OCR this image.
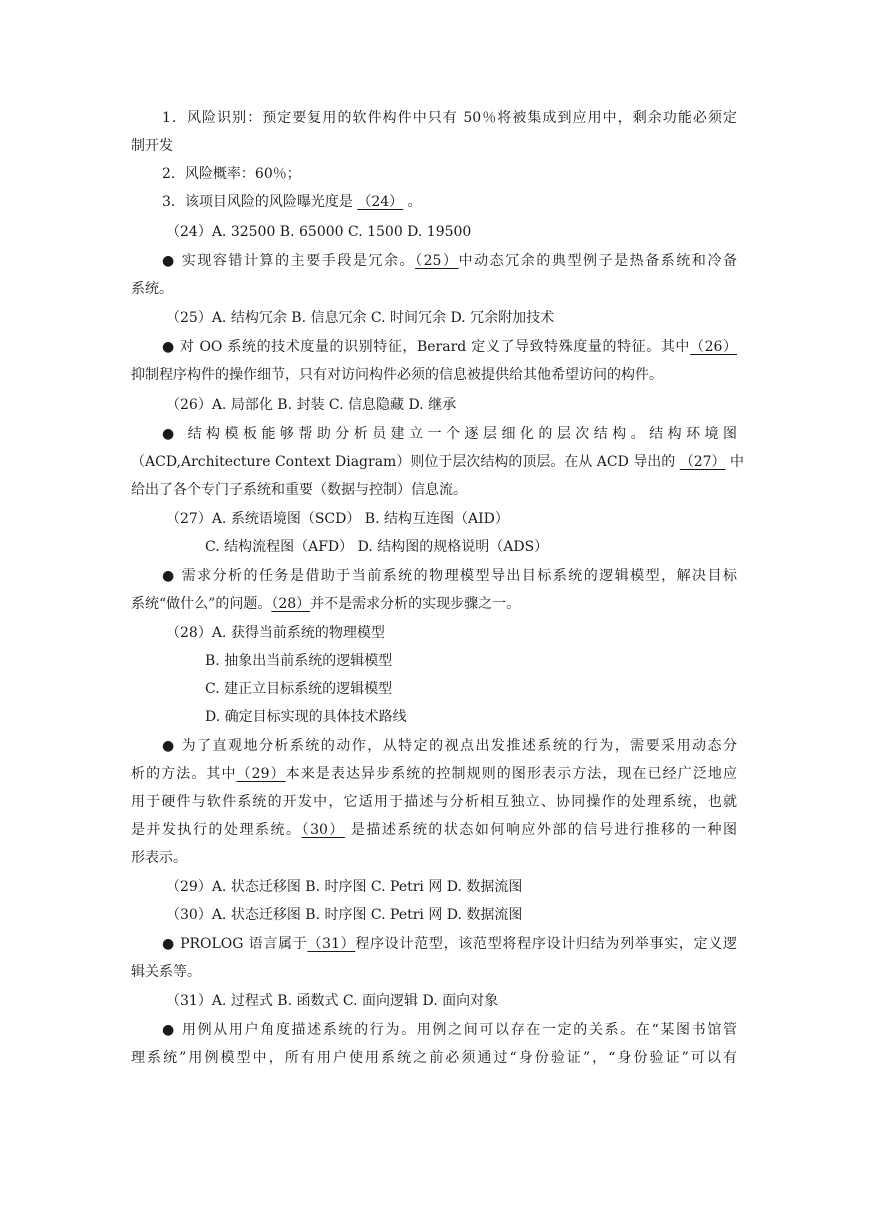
1．风险识别：预定要复用的软件构件中只有 50％将被集成到应用中，剩余功能必须定
制开发
2．风险概率：60％；
3．该项目风险的风险曝光度是 （24） 。
（24）A. 32500 B. 65000 C. 1500 D. 19500
● 实现容错计算的主要手段是冗余。（25）中动态冗余的典型例子是热备系统和冷备
系统。
（25）A. 结构冗余 B. 信息冗余 C. 时间冗余 D. 冗余附加技术
● 对 OO 系统的技术度量的识别特征，Berard 定义了导致特殊度量的特征。其中（26）
抑制程序构件的操作细节，只有对访问构件必须的信息被提供给其他希望访问的构件。
（26）A. 局部化 B. 封装 C. 信息隐藏 D. 继承
● 结构模板能够帮助分析员建立一个逐层细化的层次结构。结构环境图
（ACD,Architecture Context Diagram）则位于层次结构的顶层。在从 ACD 导出的 （27） 中
给出了各个专门子系统和重要（数据与控制）信息流。
（27）A. 系统语境图（SCD） B. 结构互连图（AID）
C. 结构流程图（AFD） D. 结构图的规格说明（ADS）
● 需求分析的任务是借助于当前系统的物理模型导出目标系统的逻辑模型，解决目标
系统“做什么”的问题。（28）并不是需求分析的实现步骤之一。
（28）A. 获得当前系统的物理模型
B. 抽象出当前系统的逻辑模型
C. 建正立目标系统的逻辑模型
D. 确定目标实现的具体技术路线
● 为了直观地分析系统的动作，从特定的视点出发推述系统的行为，需要采用动态分
析的方法。其中（29）本来是表达异步系统的控制规则的图形表示方法，现在已经广泛地应
用于硬件与软件系统的开发中，它适用于描述与分析相互独立、协同操作的处理系统，也就
是并发执行的处理系统。（30） 是描述系统的状态如何响应外部的信号进行推移的一种图
形表示。
（29）A. 状态迁移图 B. 时序图 C. Petri 网 D. 数据流图
（30）A. 状态迁移图 B. 时序图 C. Petri 网 D. 数据流图
● PROLOG 语言属于（31）程序设计范型，该范型将程序设计归结为列举事实，定义逻
辑关系等。
（31）A. 过程式 B. 函数式 C. 面向逻辑 D. 面向对象
● 用例从用户角度描述系统的行为。用例之间可以存在一定的关系。在“某图书馆管
理系统”用例模型中，所有用户使用系统之前必须通过“身份验证”，“身份验证”可以有
